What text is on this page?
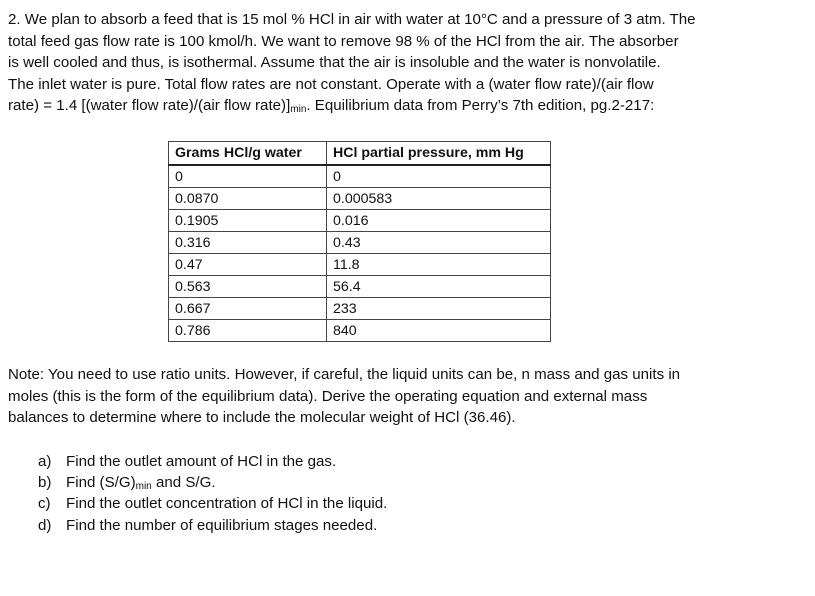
2. We plan to absorb a feed that is 15 mol % HCl in air with water at 10°C and a pressure of 3 atm. The
total feed gas flow rate is 100 kmol/h. We want to remove 98 % of the HCl from the air. The absorber
is well cooled and thus, is isothermal. Assume that the air is insoluble and the water is nonvolatile.
The inlet water is pure. Total flow rates are not constant. Operate with a (water flow rate)/(air flow
rate) = 1.4 [(water flow rate)/(air flow $rate)]_{min}$. Equilibrium data from Perry’s 7th edition, pg.2-217:
Grams HCl/g water	HCl partial pressure, mm Hg
0	0
0.0870	0.000583
0.1905	0.016
0.316	0.43
0.47	11.8
0.563	56.4
0.667	233
0.786	840
Note: You need to use ratio units. However, if careful, the liquid units can be, n mass and gas units in
moles (this is the form of the equilibrium data). Derive the operating equation and external mass
balances to determine where to include the molecular weight of HCl (36.46).
a) Find the outlet amount of HCl in the gas.
b) Find $(S/G)_{min}$ and S/G.
c)	Find the outlet concentration of HCl in the liquid.
d) Find the number of equilibrium stages needed.
